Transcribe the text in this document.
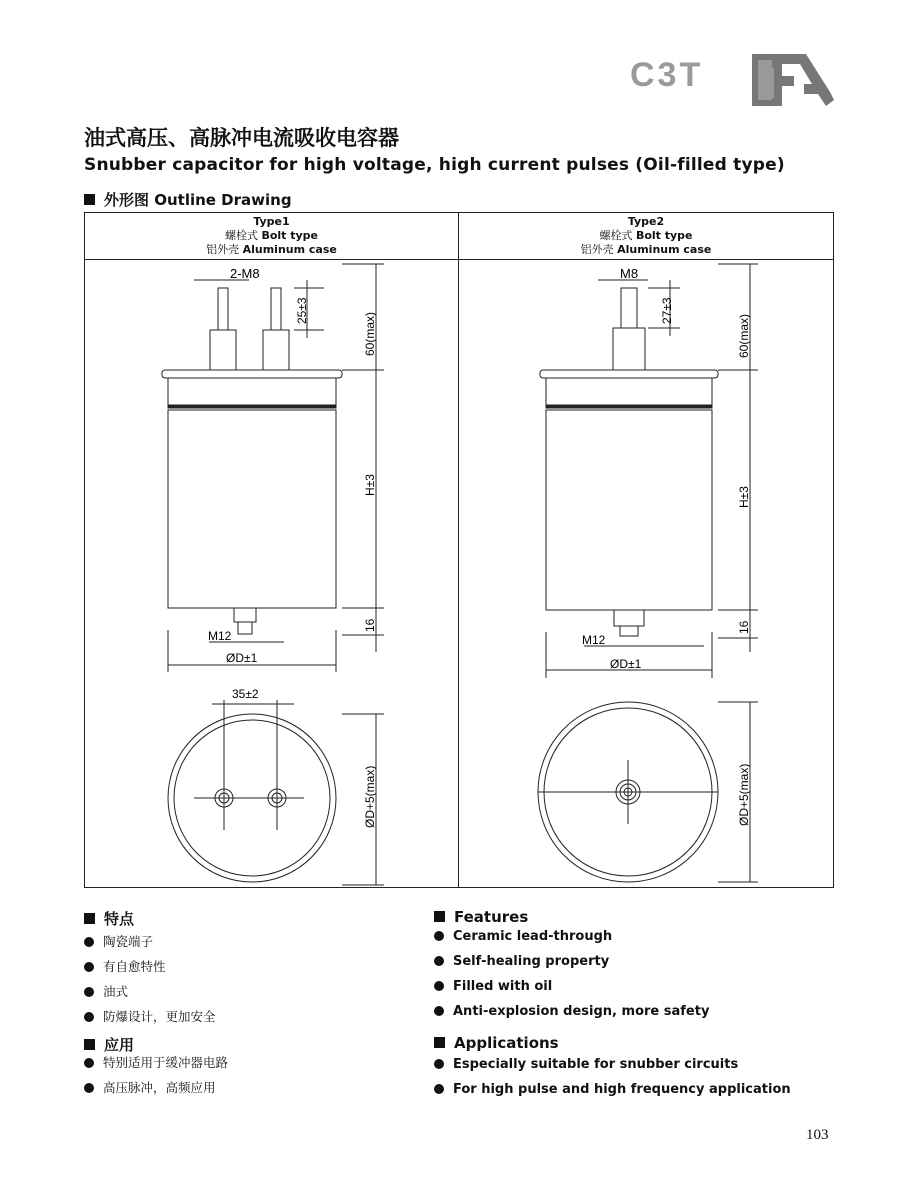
C3T
油式高压、高脉冲电流吸收电容器
Snubber capacitor for high voltage, high current pulses (Oil-filled type)
外形图 Outline Drawing
Type1
螺栓式 Bolt type
铝外壳 Aluminum case
Type2
螺栓式 Bolt type
铝外壳 Aluminum case
2-M8
25±3
60(max)
H±3
16
M12
ØD±1
35±2
ØD+5(max)
M8
27±3
60(max)
H±3
16
M12
ØD±1
ØD+5(max)
特点
陶瓷端子
有自愈特性
油式
防爆设计，更加安全
应用
特别适用于缓冲器电路
高压脉冲，高频应用
Features
Ceramic lead-through
Self-healing property
Filled with oil
Anti-explosion design, more safety
Applications
Especially suitable for snubber circuits
For high pulse and high frequency application
103
